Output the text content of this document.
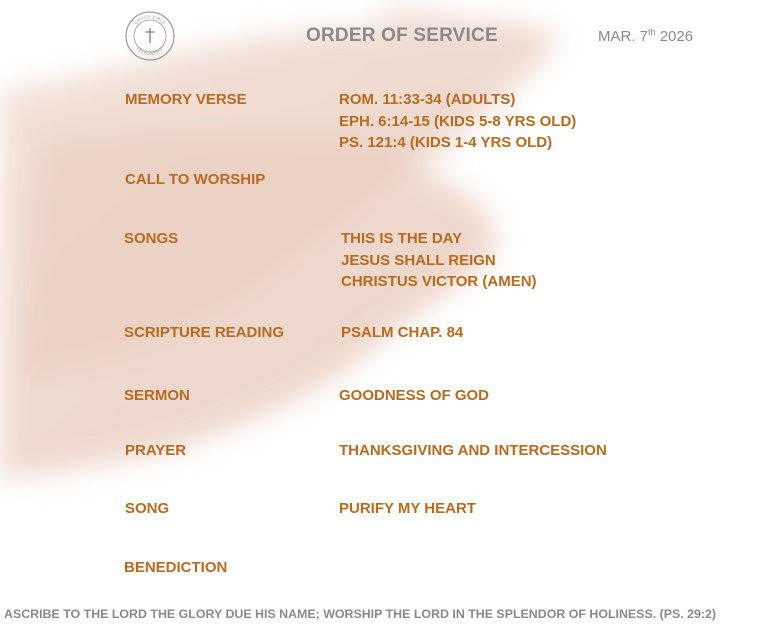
GRACE BIBLE
FELLOWSHIP
ORDER OF SERVICE	MAR. 7th 2026
MEMORY VERSE	ROM. 11:33-34 (ADULTS)
EPH. 6:14-15 (KIDS 5-8 YRS OLD)
PS. 121:4 (KIDS 1-4 YRS OLD)
CALL TO WORSHIP
SONGS	THIS IS THE DAY
JESUS SHALL REIGN
CHRISTUS VICTOR (AMEN)
SCRIPTURE READING	PSALM CHAP. 84
SERMON	GOODNESS OF GOD
PRAYER	THANKSGIVING AND INTERCESSION
SONG	PURIFY MY HEART
BENEDICTION
ASCRIBE TO THE LORD THE GLORY DUE HIS NAME; WORSHIP THE LORD IN THE SPLENDOR OF HOLINESS. (PS. 29:2)
